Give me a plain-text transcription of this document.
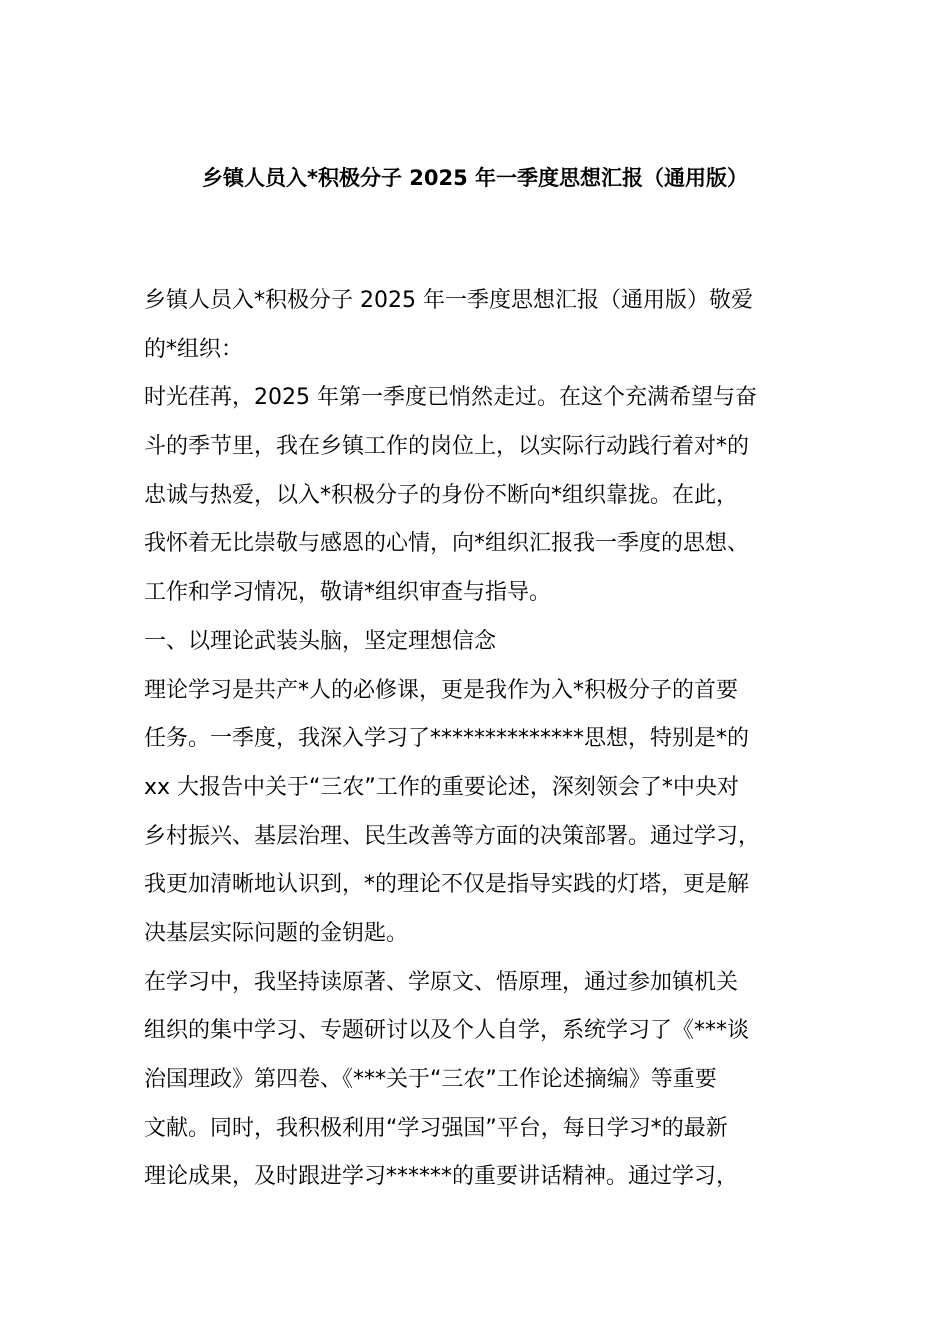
乡镇人员入*积极分子 2025 年一季度思想汇报（通用版）
乡镇人员入*积极分子 2025 年一季度思想汇报（通用版）敬爱
的*组织：
时光荏苒，2025 年第一季度已悄然走过。在这个充满希望与奋
斗的季节里，我在乡镇工作的岗位上，以实际行动践行着对*的
忠诚与热爱，以入*积极分子的身份不断向*组织靠拢。在此，
我怀着无比崇敬与感恩的心情，向*组织汇报我一季度的思想、
工作和学习情况，敬请*组织审查与指导。
一、以理论武装头脑，坚定理想信念
理论学习是共产*人的必修课，更是我作为入*积极分子的首要
任务。一季度，我深入学习了**************思想，特别是*的
xx 大报告中关于“三农”工作的重要论述，深刻领会了*中央对
乡村振兴、基层治理、民生改善等方面的决策部署。通过学习，
我更加清晰地认识到，*的理论不仅是指导实践的灯塔，更是解
决基层实际问题的金钥匙。
在学习中，我坚持读原著、学原文、悟原理，通过参加镇机关
组织的集中学习、专题研讨以及个人自学，系统学习了《***谈
治国理政》第四卷、《***关于“三农”工作论述摘编》等重要
文献。同时，我积极利用“学习强国”平台，每日学习*的最新
理论成果，及时跟进学习******的重要讲话精神。通过学习，
